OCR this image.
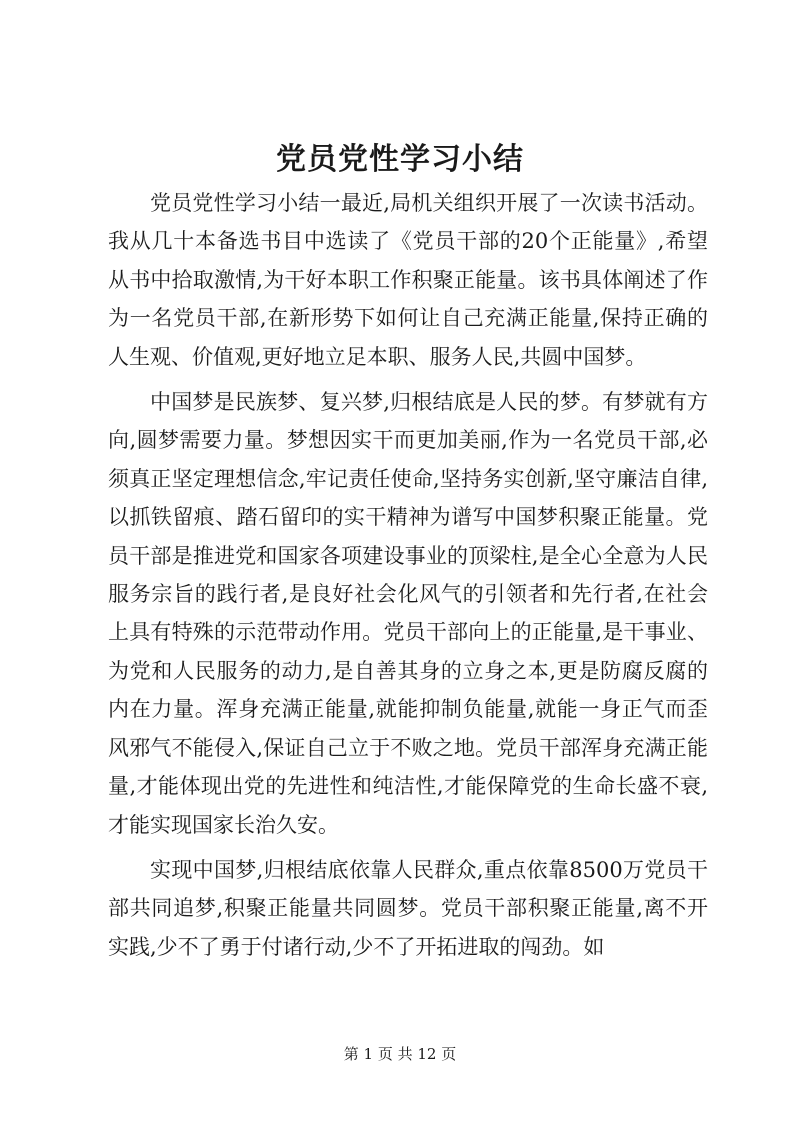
党员党性学习小结

党员党性学习小结一最近,局机关组织开展了一次读书活动。我从几十本备选书目中选读了《党员干部的20个正能量》,希望从书中拾取激情,为干好本职工作积聚正能量。该书具体阐述了作为一名党员干部,在新形势下如何让自己充满正能量,保持正确的人生观、价值观,更好地立足本职、服务人民,共圆中国梦。

中国梦是民族梦、复兴梦,归根结底是人民的梦。有梦就有方向,圆梦需要力量。梦想因实干而更加美丽,作为一名党员干部,必须真正坚定理想信念,牢记责任使命,坚持务实创新,坚守廉洁自律,以抓铁留痕、踏石留印的实干精神为谱写中国梦积聚正能量。党员干部是推进党和国家各项建设事业的顶梁柱,是全心全意为人民服务宗旨的践行者,是良好社会化风气的引领者和先行者,在社会上具有特殊的示范带动作用。党员干部向上的正能量,是干事业、为党和人民服务的动力,是自善其身的立身之本,更是防腐反腐的内在力量。浑身充满正能量,就能抑制负能量,就能一身正气而歪风邪气不能侵入,保证自己立于不败之地。党员干部浑身充满正能量,才能体现出党的先进性和纯洁性,才能保障党的生命长盛不衰,才能实现国家长治久安。

实现中国梦,归根结底依靠人民群众,重点依靠8500万党员干部共同追梦,积聚正能量共同圆梦。党员干部积聚正能量,离不开实践,少不了勇于付诸行动,少不了开拓进取的闯劲。如

第 1 页 共 12 页
